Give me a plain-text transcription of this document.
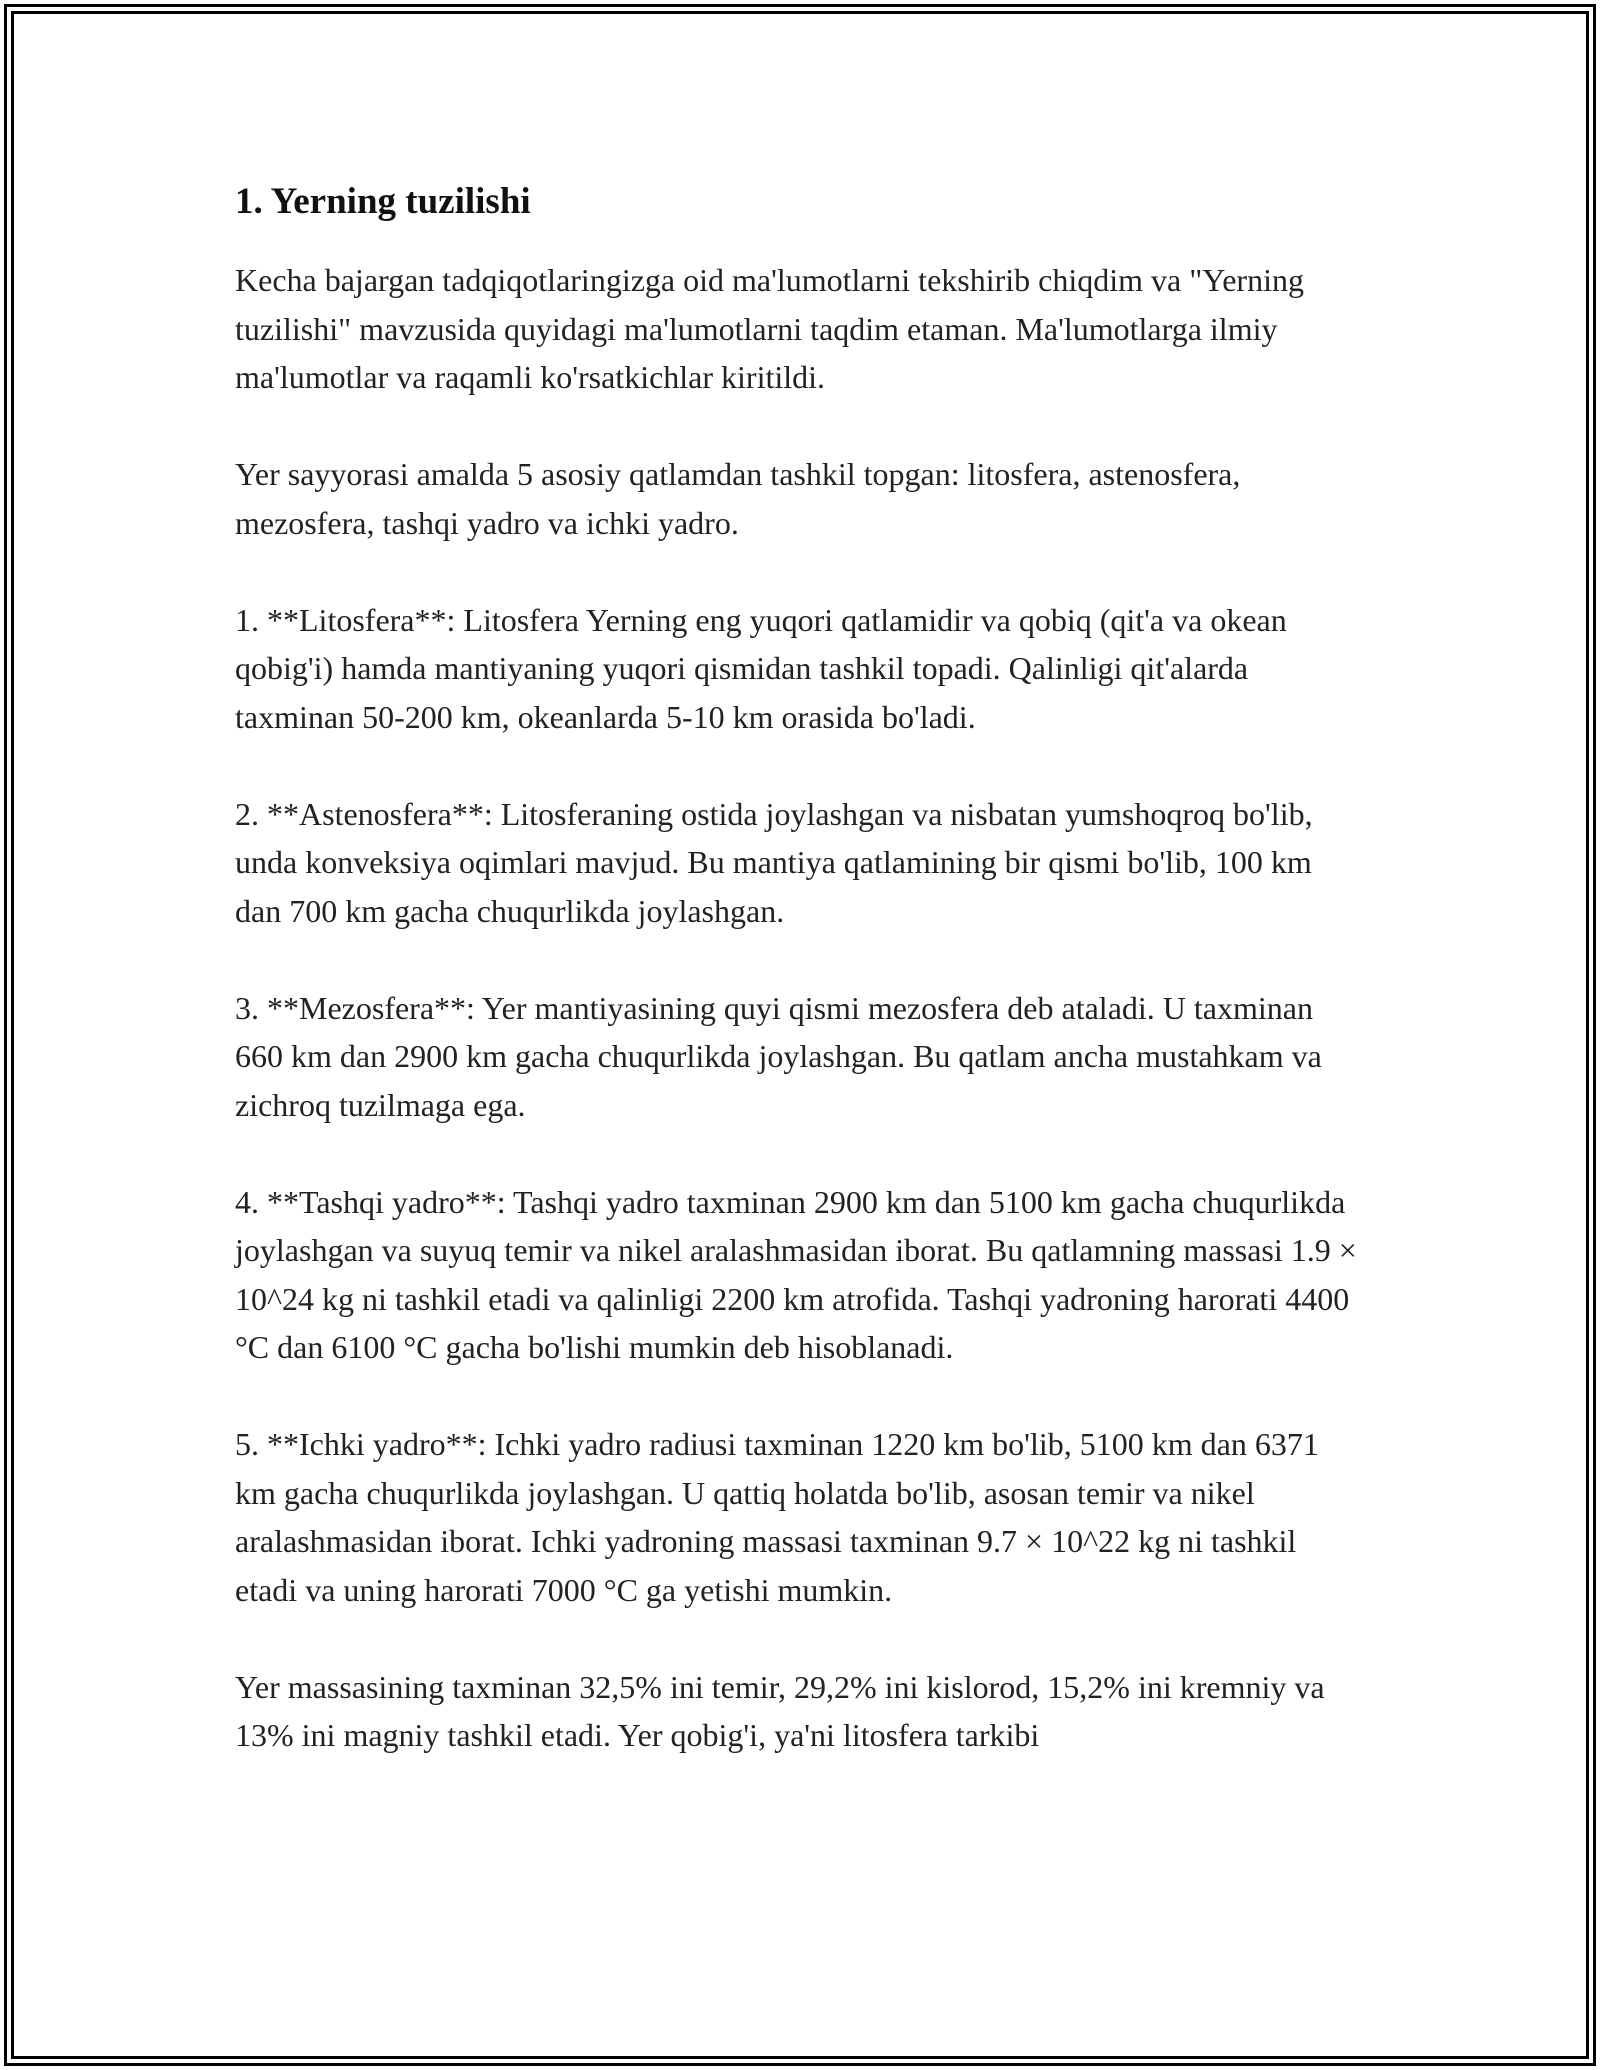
1. Yerning tuzilishi

Kecha bajargan tadqiqotlaringizga oid ma'lumotlarni tekshirib chiqdim va "Yerning tuzilishi" mavzusida quyidagi ma'lumotlarni taqdim etaman. Ma'lumotlarga ilmiy ma'lumotlar va raqamli ko'rsatkichlar kiritildi.

Yer sayyorasi amalda 5 asosiy qatlamdan tashkil topgan: litosfera, astenosfera, mezosfera, tashqi yadro va ichki yadro.

1. **Litosfera**: Litosfera Yerning eng yuqori qatlamidir va qobiq (qit'a va okean qobig'i) hamda mantiyaning yuqori qismidan tashkil topadi. Qalinligi qit'alarda taxminan 50-200 km, okeanlarda 5-10 km orasida bo'ladi.

2. **Astenosfera**: Litosferaning ostida joylashgan va nisbatan yumshoqroq bo'lib, unda konveksiya oqimlari mavjud. Bu mantiya qatlamining bir qismi bo'lib, 100 km dan 700 km gacha chuqurlikda joylashgan.

3. **Mezosfera**: Yer mantiyasining quyi qismi mezosfera deb ataladi. U taxminan 660 km dan 2900 km gacha chuqurlikda joylashgan. Bu qatlam ancha mustahkam va zichroq tuzilmaga ega.

4. **Tashqi yadro**: Tashqi yadro taxminan 2900 km dan 5100 km gacha chuqurlikda joylashgan va suyuq temir va nikel aralashmasidan iborat. Bu qatlamning massasi 1.9 × 10^24 kg ni tashkil etadi va qalinligi 2200 km atrofida. Tashqi yadroning harorati 4400 °C dan 6100 °C gacha bo'lishi mumkin deb hisoblanadi.

5. **Ichki yadro**: Ichki yadro radiusi taxminan 1220 km bo'lib, 5100 km dan 6371 km gacha chuqurlikda joylashgan. U qattiq holatda bo'lib, asosan temir va nikel aralashmasidan iborat. Ichki yadroning massasi taxminan 9.7 × 10^22 kg ni tashkil etadi va uning harorati 7000 °C ga yetishi mumkin.

Yer massasining taxminan 32,5% ini temir, 29,2% ini kislorod, 15,2% ini kremniy va 13% ini magniy tashkil etadi. Yer qobig'i, ya'ni litosfera tarkibi
